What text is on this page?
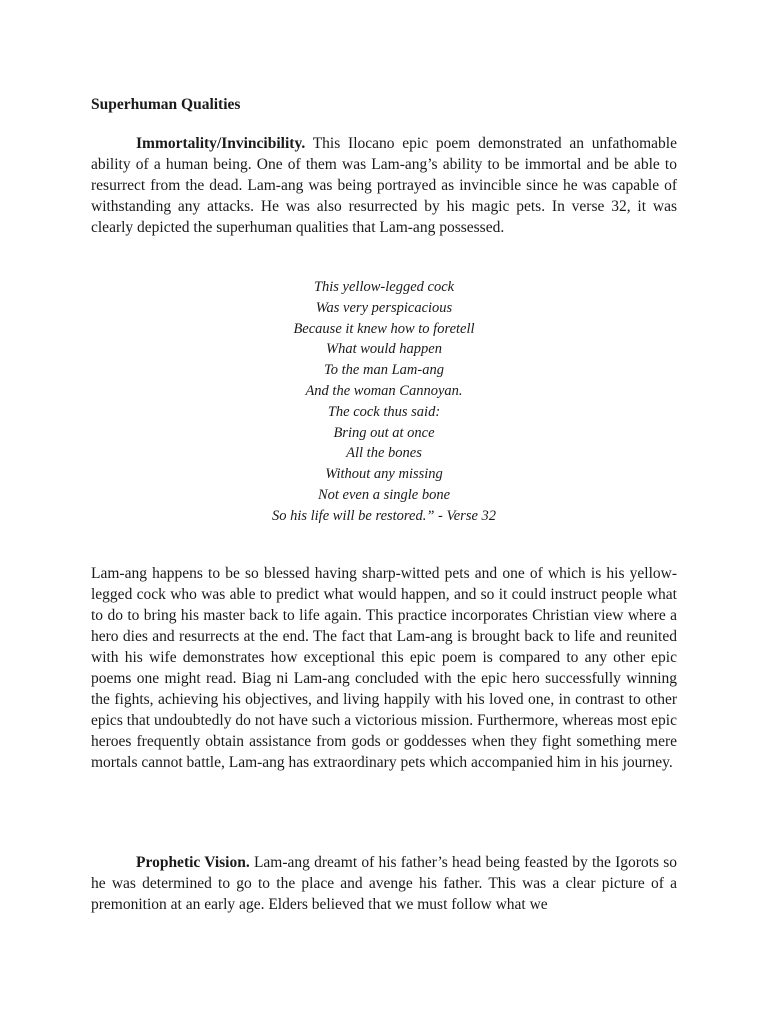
Superhuman Qualities

Immortality/Invincibility. This Ilocano epic poem demonstrated an unfathomable ability of a human being. One of them was Lam-ang’s ability to be immortal and be able to resurrect from the dead. Lam-ang was being portrayed as invincible since he was capable of withstanding any attacks. He was also resurrected by his magic pets. In verse 32, it was clearly depicted the superhuman qualities that Lam-ang possessed.

This yellow-legged cock
Was very perspicacious
Because it knew how to foretell
What would happen
To the man Lam-ang
And the woman Cannoyan.
The cock thus said:
Bring out at once
All the bones
Without any missing
Not even a single bone
So his life will be restored.” - Verse 32

Lam-ang happens to be so blessed having sharp-witted pets and one of which is his yellow-legged cock who was able to predict what would happen, and so it could instruct people what to do to bring his master back to life again. This practice incorporates Christian view where a hero dies and resurrects at the end. The fact that Lam-ang is brought back to life and reunited with his wife demonstrates how exceptional this epic poem is compared to any other epic poems one might read. Biag ni Lam-ang concluded with the epic hero successfully winning the fights, achieving his objectives, and living happily with his loved one, in contrast to other epics that undoubtedly do not have such a victorious mission. Furthermore, whereas most epic heroes frequently obtain assistance from gods or goddesses when they fight something mere mortals cannot battle, Lam-ang has extraordinary pets which accompanied him in his journey.

Prophetic Vision. Lam-ang dreamt of his father’s head being feasted by the Igorots so he was determined to go to the place and avenge his father. This was a clear picture of a premonition at an early age. Elders believed that we must follow what we
